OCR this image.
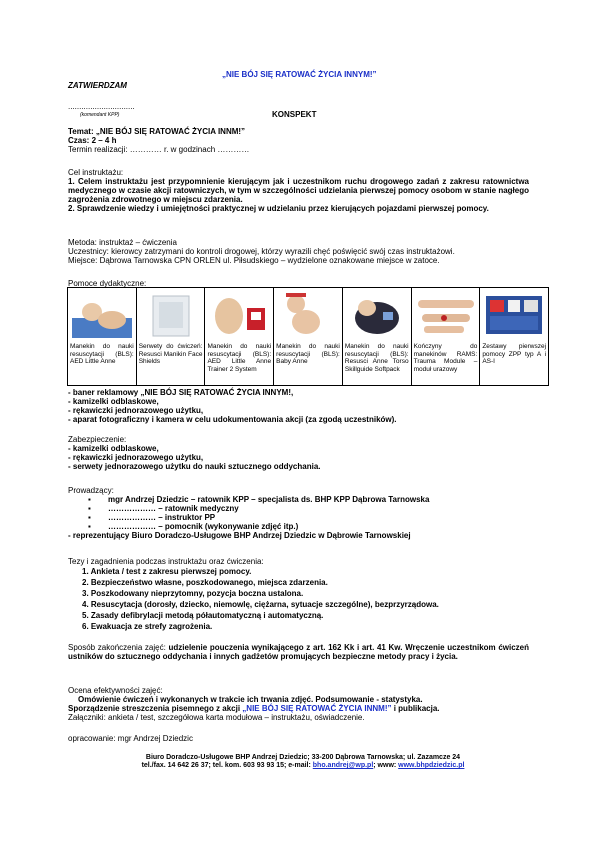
„NIE BÓJ SIĘ RATOWAĆ ŻYCIA INNYM!”
ZATWIERDZAM
..............................
(komendant KPP)	KONSPEKT

Temat: „NIE BÓJ SIĘ RATOWAĆ ŻYCIA INNM!”

Czas: 2 – 4 h

Termin realizacji: ………… r. w godzinach …………

Cel instruktażu:

1. Celem instruktażu jest przypomnienie kierującym jak i uczestnikom ruchu drogowego zadań z zakresu ratownictwa medycznego w czasie akcji ratowniczych, w tym w szczególności udzielania pierwszej pomocy osobom w stanie nagłego zagrożenia zdrowotnego w miejscu zdarzenia.

2. Sprawdzenie wiedzy i umiejętności praktycznej w udzielaniu przez kierujących pojazdami pierwszej pomocy.

Metoda: instruktaż – ćwiczenia

Uczestnicy: kierowcy zatrzymani do kontroli drogowej, którzy wyrazili chęć poświęcić swój czas instruktażowi.

Miejsce: Dąbrowa Tarnowska CPN ORLEN ul. Piłsudskiego – wydzielone oznakowane miejsce w zatoce.

Pomoce dydaktyczne:
Manekin do nauki resuscytacji (BLS): AED Little Anne
Serwety do ćwiczeń: Resusci Manikin Face Shields
Manekin do nauki resuscytacji (BLS): AED Little Anne Trainer 2 System
Manekin do nauki resuscytacji (BLS): Baby Anne
Manekin do nauki resuscytacji (BLS): Resusci Anne Torso Skillguide Softpack
Kończyny do manekinów RAMS: Trauma Module – moduł urazowy
Zestawy pierwszej pomocy ZPP typ A i AS-I

- baner reklamowy „NIE BÓJ SIĘ RATOWAĆ ŻYCIA INNYM!,

- kamizelki odblaskowe,

- rękawiczki jednorazowego użytku,

- aparat fotograficzny i kamera w celu udokumentowania akcji (za zgodą uczestników).

Zabezpieczenie:

- kamizelki odblaskowe,

- rękawiczki jednorazowego użytku,

- serwety jednorazowego użytku do nauki sztucznego oddychania.

Prowadzący:

▪ mgr Andrzej Dziedzic – ratownik KPP – specjalista ds. BHP KPP Dąbrowa Tarnowska
▪ ……………… – ratownik medyczny
▪ ……………… – instruktor PP
▪ ……………… – pomocnik (wykonywanie zdjęć itp.)

- reprezentujący Biuro Doradczo-Usługowe BHP Andrzej Dziedzic w Dąbrowie Tarnowskiej

Tezy i zagadnienia podczas instruktażu oraz ćwiczenia:

1. Ankieta / test z zakresu pierwszej pomocy.
2. Bezpieczeństwo własne, poszkodowanego, miejsca zdarzenia.
3. Poszkodowany nieprzytomny, pozycja boczna ustalona.
4. Resuscytacja (dorosły, dziecko, niemowlę, ciężarna, sytuacje szczególne), bezprzyrządowa.
5. Zasady defibrylacji metodą półautomatyczną i automatyczną.
6. Ewakuacja ze strefy zagrożenia.
Sposób zakończenia zajęć: udzielenie pouczenia wynikającego z art. 162 Kk i art. 41 Kw. Wręczenie uczestnikom ćwiczeń ustników do sztucznego oddychania i innych gadżetów promujących bezpieczne metody pracy i życia.

Ocena efektywności zajęć:

Omówienie ćwiczeń i wykonanych w trakcie ich trwania zdjęć. Podsumowanie - statystyka.

Sporządzenie streszczenia pisemnego z akcji „NIE BÓJ SIĘ RATOWAĆ ŻYCIA INNM!” i publikacja.

Załączniki: ankieta / test, szczegółowa karta modułowa – instruktażu, oświadczenie.

opracowanie: mgr Andrzej Dziedzic

Biuro Doradczo-Usługowe BHP Andrzej Dziedzic; 33-200 Dąbrowa Tarnowska; ul. Zazamcze 24

tel./fax. 14 642 26 37; tel. kom. 603 93 93 15; e-mail: bho.andrej@wp.pl; www: www.bhpdziedzic.pl
